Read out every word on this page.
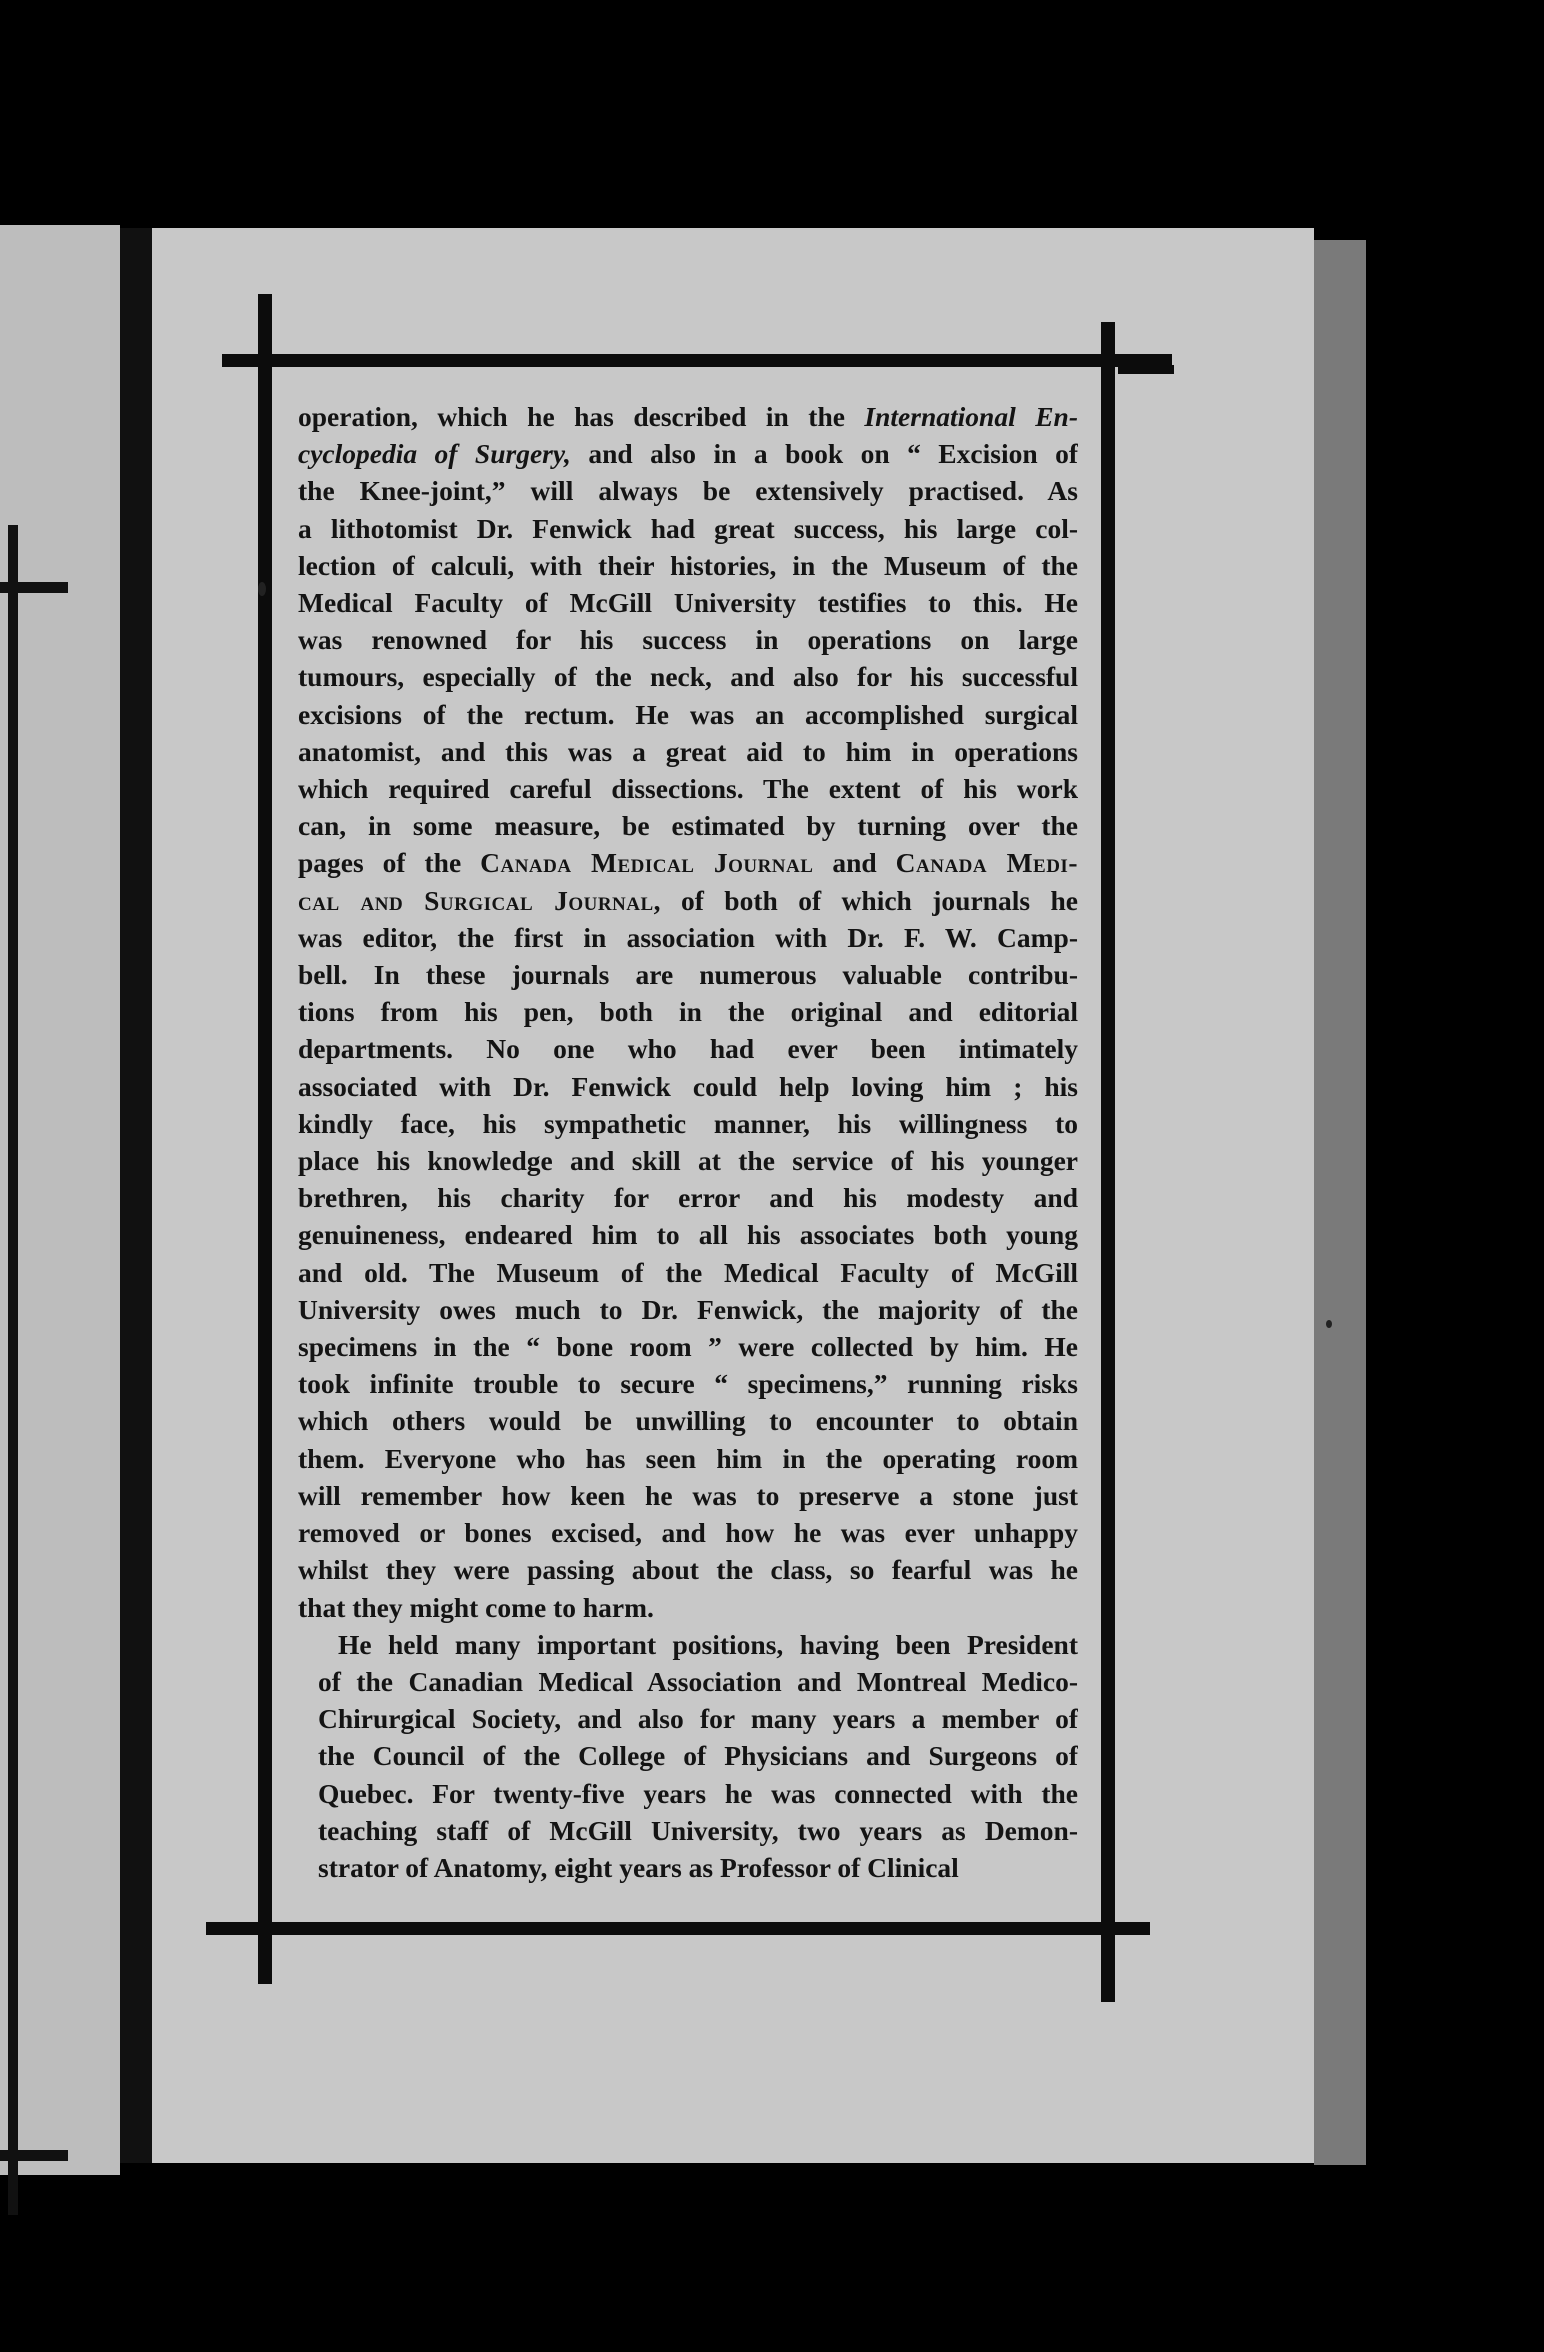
operation, which he has described in the International En-
cyclopedia of Surgery, and also in a book on “ Excision of
the Knee-joint,” will always be extensively practised. As
a lithotomist Dr. Fenwick had great success, his large col-
lection of calculi, with their histories, in the Museum of the
Medical Faculty of McGill University testifies to this. He
was renowned for his success in operations on large
tumours, especially of the neck, and also for his successful
excisions of the rectum. He was an accomplished surgical
anatomist, and this was a great aid to him in operations
which required careful dissections. The extent of his work
can, in some measure, be estimated by turning over the
pages of the Canada Medical Journal and Canada Medi-
cal and Surgical Journal, of both of which journals he
was editor, the first in association with Dr. F. W. Camp-
bell. In these journals are numerous valuable contribu-
tions from his pen, both in the original and editorial
departments. No one who had ever been intimately
associated with Dr. Fenwick could help loving him ; his
kindly face, his sympathetic manner, his willingness to
place his knowledge and skill at the service of his younger
brethren, his charity for error and his modesty and
genuineness, endeared him to all his associates both young
and old. The Museum of the Medical Faculty of McGill
University owes much to Dr. Fenwick, the majority of the
specimens in the “ bone room ” were collected by him. He
took infinite trouble to secure “ specimens,” running risks
which others would be unwilling to encounter to obtain
them. Everyone who has seen him in the operating room
will remember how keen he was to preserve a stone just
removed or bones excised, and how he was ever unhappy
whilst they were passing about the class, so fearful was he
that they might come to harm.

He held many important positions, having been President
of the Canadian Medical Association and Montreal Medico-
Chirurgical Society, and also for many years a member of
the Council of the College of Physicians and Surgeons of
Quebec. For twenty-five years he was connected with the
teaching staff of McGill University, two years as Demon-
strator of Anatomy, eight years as Professor of Clinical
